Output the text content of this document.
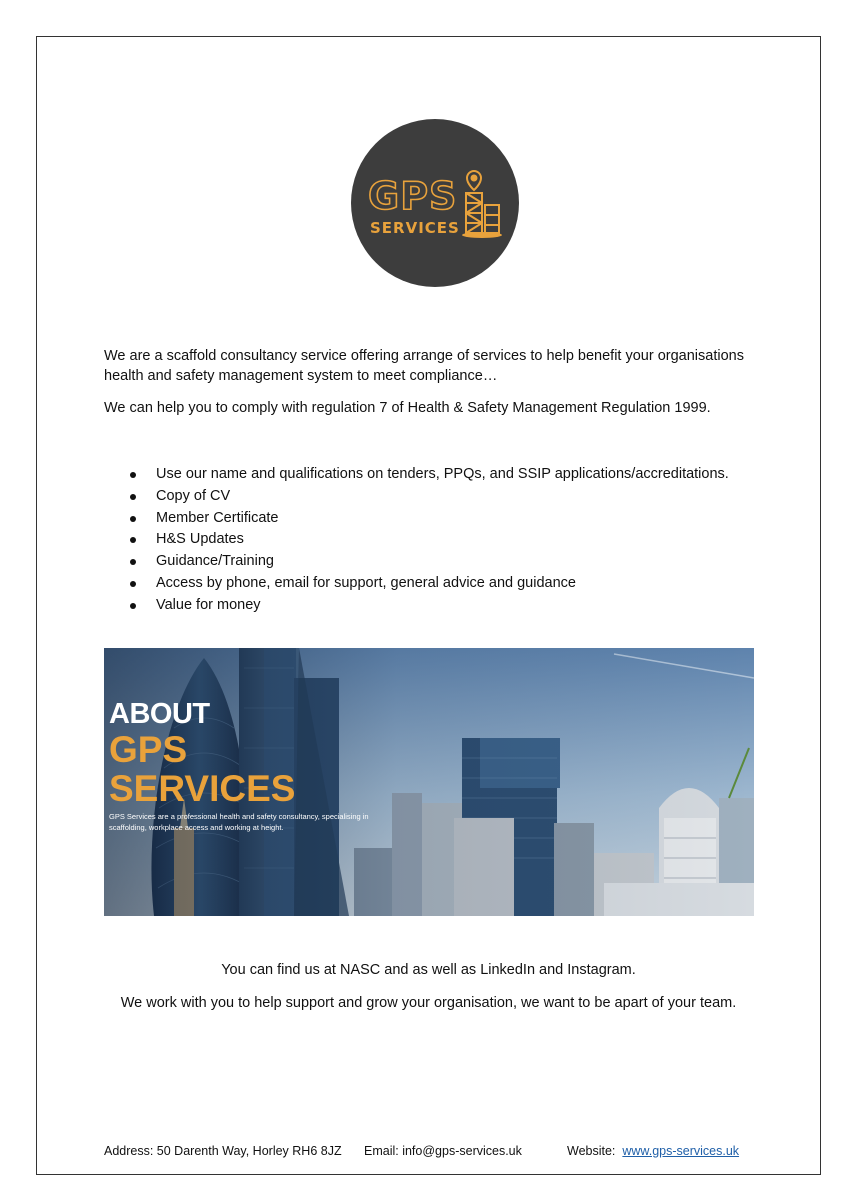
GPS
SERVICES

We are a scaffold consultancy service offering arrange of services to help benefit your organisations health and safety management system to meet compliance…

We can help you to comply with regulation 7 of Health & Safety Management Regulation 1999.

Use our name and qualifications on tenders, PPQs, and SSIP applications/accreditations.
Copy of CV
Member Certificate
H&S Updates
Guidance/Training
Access by phone, email for support, general advice and guidance
Value for money
ABOUT
GPS
SERVICES
GPS Services are a professional health and safety consultancy, specialising in scaffolding, workplace access and working at height.
You can find us at NASC and as well as LinkedIn and Instagram.
We work with you to help support and grow your organisation, we want to be apart of your team.
Address: 50 Darenth Way, Horley RH6 8JZ Email: info@gps-services.uk	Website: www.gps-services.uk
